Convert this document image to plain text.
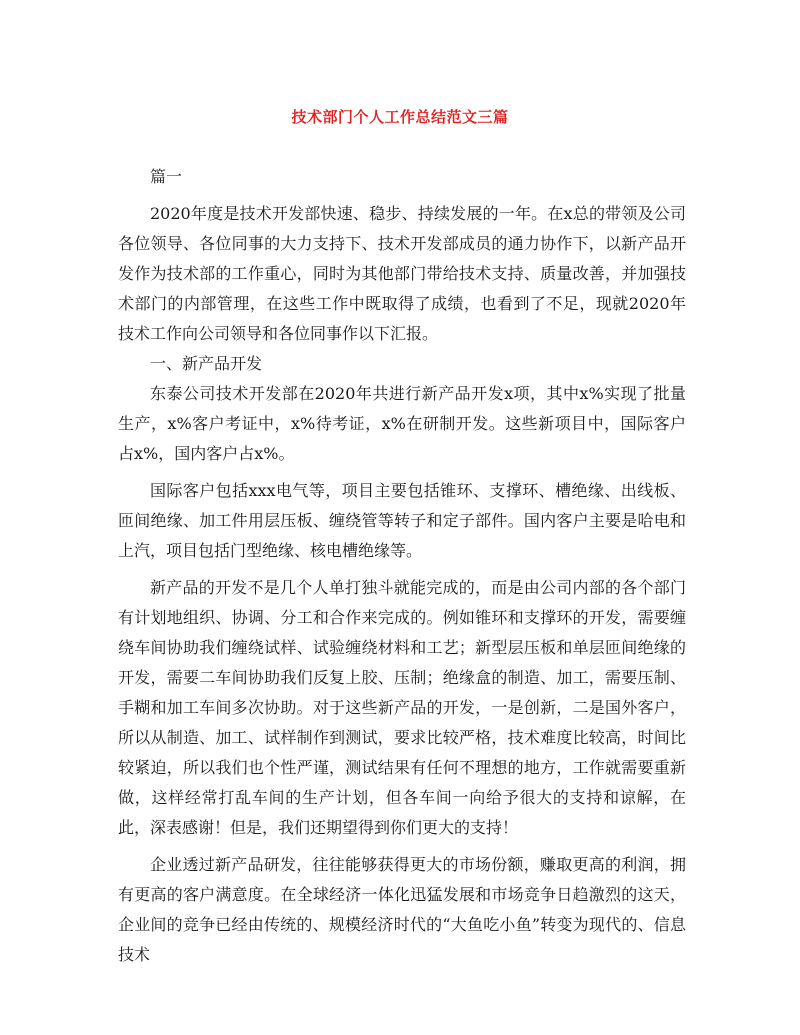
技术部门个人工作总结范文三篇

篇一

2020年度是技术开发部快速、稳步、持续发展的一年。在x总的带领及公司各位领导、各位同事的大力支持下、技术开发部成员的通力协作下，以新产品开发作为技术部的工作重心，同时为其他部门带给技术支持、质量改善，并加强技术部门的内部管理，在这些工作中既取得了成绩，也看到了不足，现就2020年技术工作向公司领导和各位同事作以下汇报。

一、新产品开发

东泰公司技术开发部在2020年共进行新产品开发x项，其中x%实现了批量生产，x%客户考证中，x%待考证，x%在研制开发。这些新项目中，国际客户占x%，国内客户占x%。

国际客户包括xxx电气等，项目主要包括锥环、支撑环、槽绝缘、出线板、匝间绝缘、加工件用层压板、缠绕管等转子和定子部件。国内客户主要是哈电和上汽，项目包括门型绝缘、核电槽绝缘等。

新产品的开发不是几个人单打独斗就能完成的，而是由公司内部的各个部门有计划地组织、协调、分工和合作来完成的。例如锥环和支撑环的开发，需要缠绕车间协助我们缠绕试样、试验缠绕材料和工艺；新型层压板和单层匝间绝缘的开发，需要二车间协助我们反复上胶、压制；绝缘盒的制造、加工，需要压制、手糊和加工车间多次协助。对于这些新产品的开发，一是创新，二是国外客户，所以从制造、加工、试样制作到测试，要求比较严格，技术难度比较高，时间比较紧迫，所以我们也个性严谨，测试结果有任何不理想的地方，工作就需要重新做，这样经常打乱车间的生产计划，但各车间一向给予很大的支持和谅解，在此，深表感谢！但是，我们还期望得到你们更大的支持！

企业透过新产品研发，往往能够获得更大的市场份额，赚取更高的利润，拥有更高的客户满意度。在全球经济一体化迅猛发展和市场竞争日趋激烈的这天，企业间的竞争已经由传统的、规模经济时代的“大鱼吃小鱼”转变为现代的、信息技术
